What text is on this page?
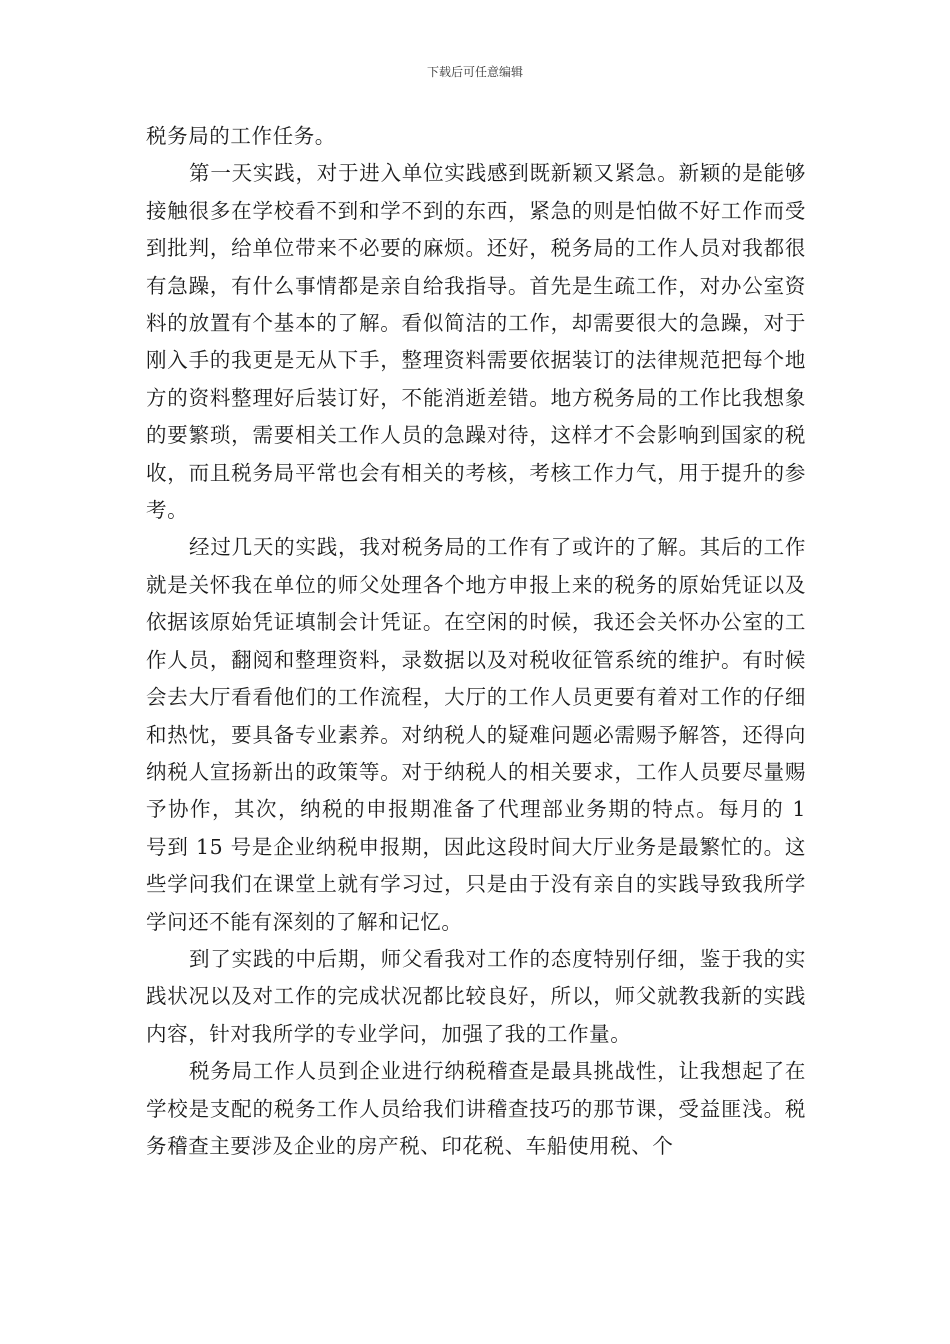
下载后可任意编辑

税务局的工作任务。

第一天实践，对于进入单位实践感到既新颖又紧急。新颖的是能够接触很多在学校看不到和学不到的东西，紧急的则是怕做不好工作而受到批判，给单位带来不必要的麻烦。还好，税务局的工作人员对我都很有急躁，有什么事情都是亲自给我指导。首先是生疏工作，对办公室资料的放置有个基本的了解。看似简洁的工作，却需要很大的急躁，对于刚入手的我更是无从下手，整理资料需要依据装订的法律规范把每个地方的资料整理好后装订好，不能消逝差错。地方税务局的工作比我想象的要繁琐，需要相关工作人员的急躁对待，这样才不会影响到国家的税收，而且税务局平常也会有相关的考核，考核工作力气，用于提升的参考。

经过几天的实践，我对税务局的工作有了或许的了解。其后的工作就是关怀我在单位的师父处理各个地方申报上来的税务的原始凭证以及依据该原始凭证填制会计凭证。在空闲的时候，我还会关怀办公室的工作人员，翻阅和整理资料，录数据以及对税收征管系统的维护。有时候会去大厅看看他们的工作流程，大厅的工作人员更要有着对工作的仔细和热忱，要具备专业素养。对纳税人的疑难问题必需赐予解答，还得向纳税人宣扬新出的政策等。对于纳税人的相关要求，工作人员要尽量赐予协作，其次，纳税的申报期准备了代理部业务期的特点。每月的 1 号到 15 号是企业纳税申报期，因此这段时间大厅业务是最繁忙的。这些学问我们在课堂上就有学习过，只是由于没有亲自的实践导致我所学学问还不能有深刻的了解和记忆。

到了实践的中后期，师父看我对工作的态度特别仔细，鉴于我的实践状况以及对工作的完成状况都比较良好，所以，师父就教我新的实践内容，针对我所学的专业学问，加强了我的工作量。

税务局工作人员到企业进行纳税稽查是最具挑战性，让我想起了在学校是支配的税务工作人员给我们讲稽查技巧的那节课，受益匪浅。税务稽查主要涉及企业的房产税、印花税、车船使用税、个
